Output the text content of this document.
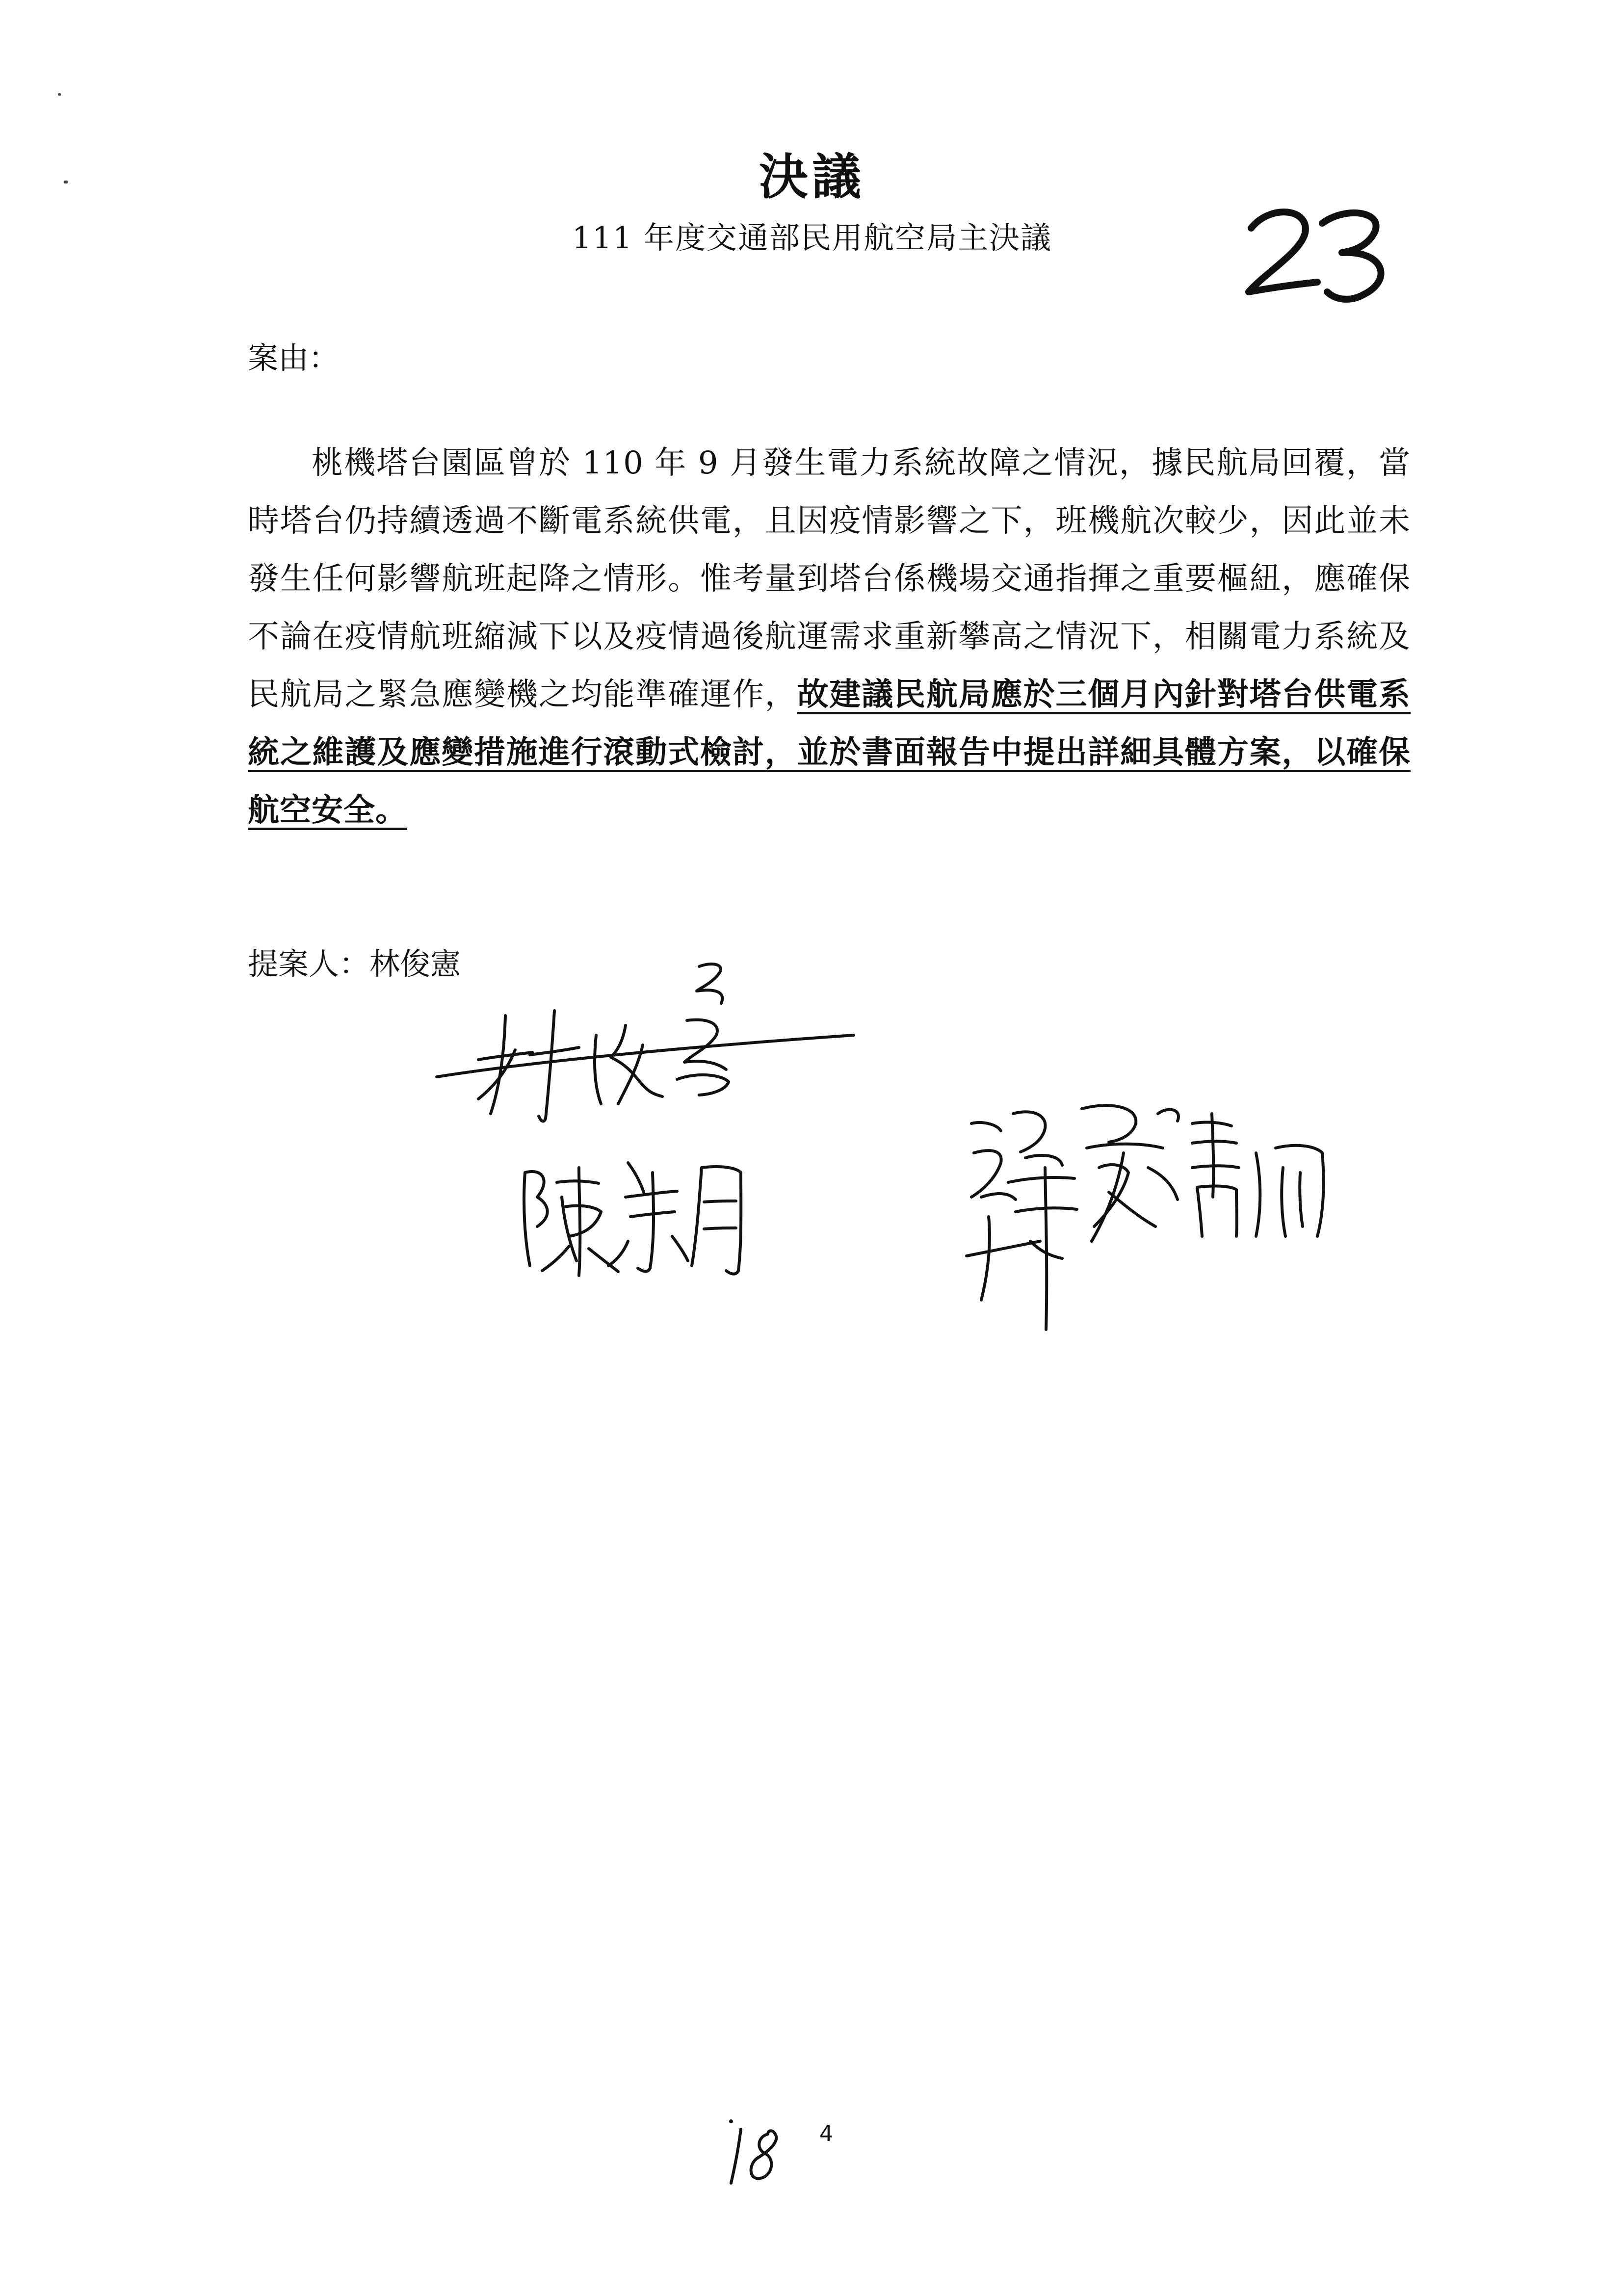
決議
111 年度交通部民用航空局主決議
案由：

桃機塔台園區曾於 110 年 9 月發生電力系統故障之情況，據民航局回覆，當時塔台仍持續透過不斷電系統供電，且因疫情影響之下，班機航次較少，因此並未發生任何影響航班起降之情形。惟考量到塔台係機場交通指揮之重要樞紐，應確保不論在疫情航班縮減下以及疫情過後航運需求重新攀高之情況下，相關電力系統及民航局之緊急應變機之均能準確運作，故建議民航局應於三個月內針對塔台供電系統之維護及應變措施進行滾動式檢討，並於書面報告中提出詳細具體方案，以確保航空安全。

提案人：林俊憲
4
